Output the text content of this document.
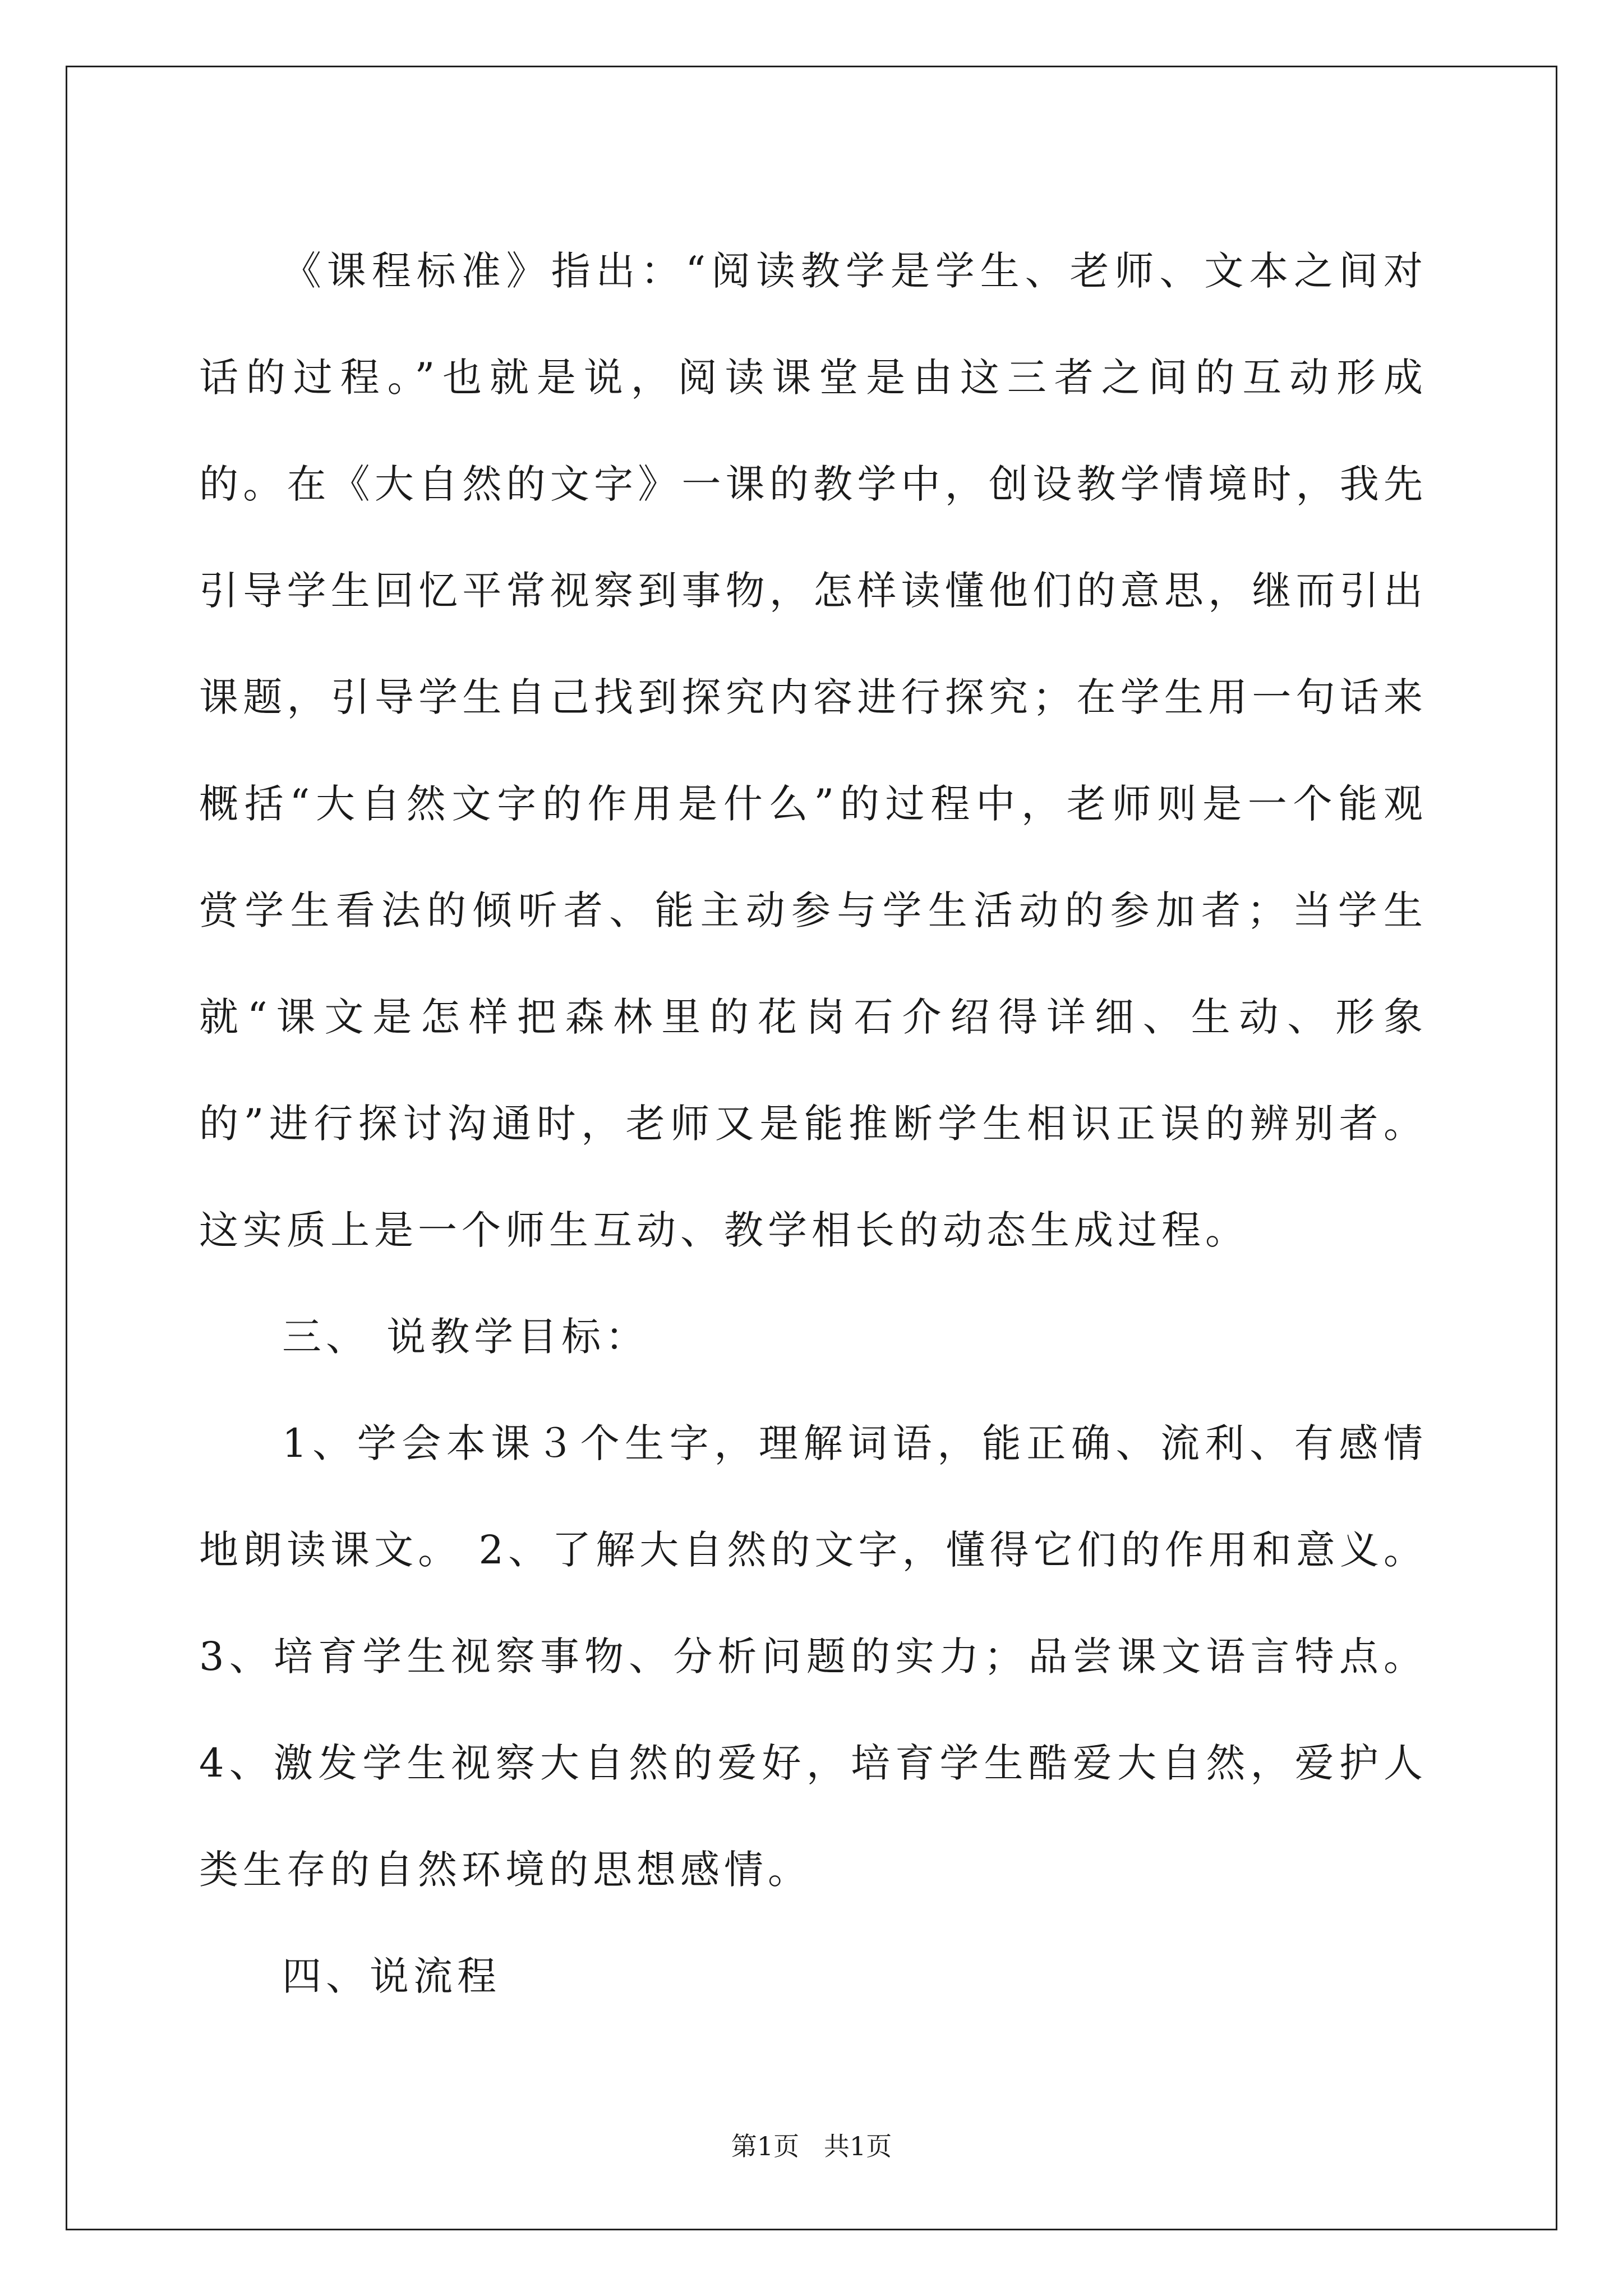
《课程标准》指出：“阅读教学是学生、老师、文本之间对话的过程。”也就是说，阅读课堂是由这三者之间的互动形成的。在《大自然的文字》一课的教学中，创设教学情境时，我先引导学生回忆平常视察到事物，怎样读懂他们的意思，继而引出课题，引导学生自己找到探究内容进行探究；在学生用一句话来概括“大自然文字的作用是什么”的过程中，老师则是一个能观赏学生看法的倾听者、能主动参与学生活动的参加者；当学生就“课文是怎样把森林里的花岗石介绍得详细、生动、形象的”进行探讨沟通时，老师又是能推断学生相识正误的辨别者。这实质上是一个师生互动、教学相长的动态生成过程。

三、 说教学目标：

1、学会本课３个生字，理解词语，能正确、流利、有感情地朗读课文。 2、了解大自然的文字，懂得它们的作用和意义。3、培育学生视察事物、分析问题的实力；品尝课文语言特点。4、激发学生视察大自然的爱好，培育学生酷爱大自然，爱护人类生存的自然环境的思想感情。

四、说流程

第1页   共1页
